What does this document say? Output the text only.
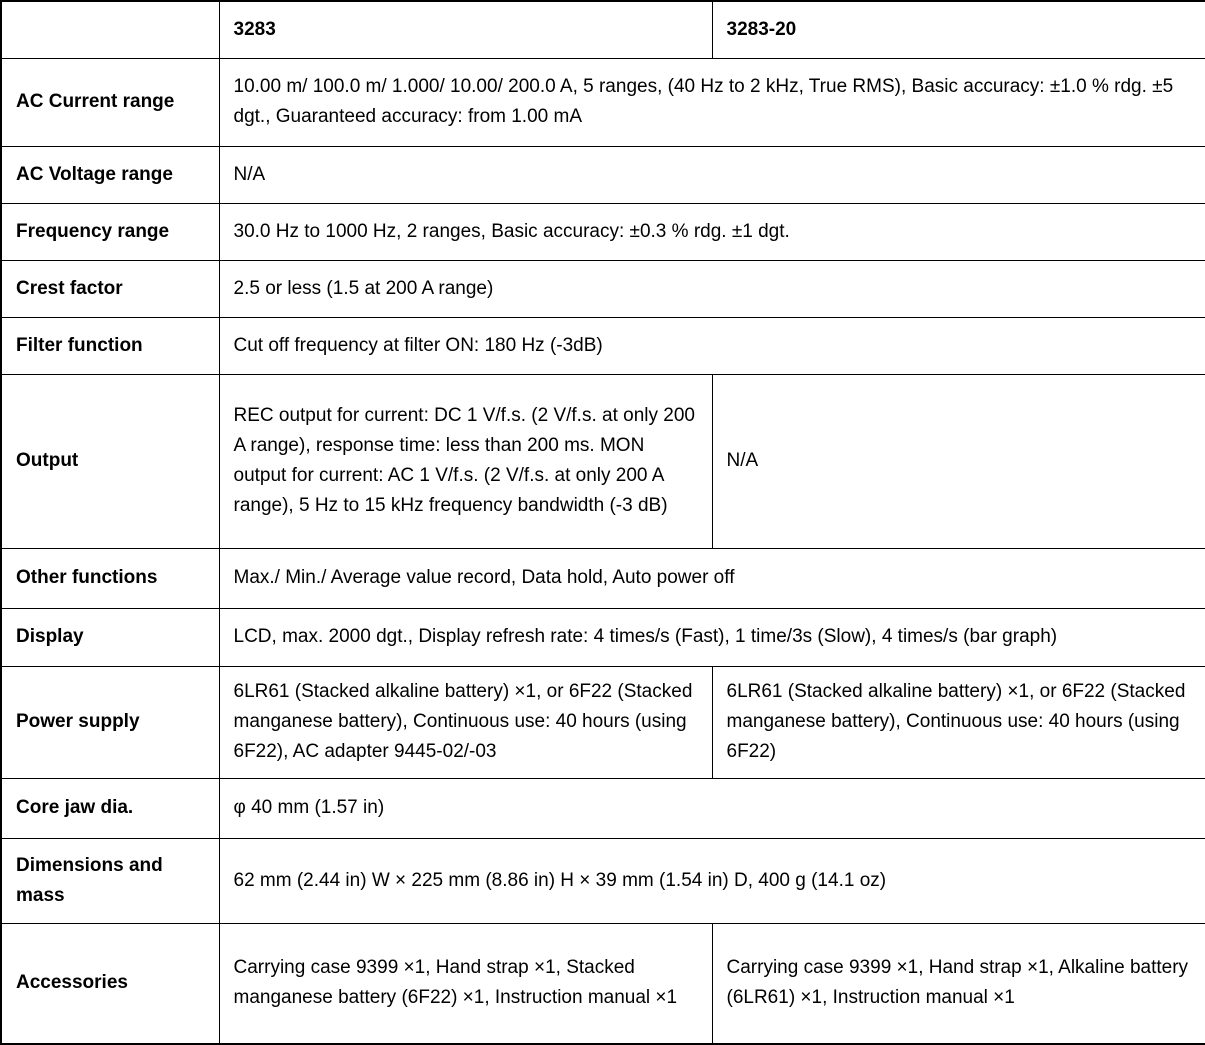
	3283	3283-20
AC Current range	10.00 m/ 100.0 m/ 1.000/ 10.00/ 200.0 A, 5 ranges, (40 Hz to 2 kHz, True RMS), Basic accuracy: ±1.0 % rdg. ±5 dgt., Guaranteed accuracy: from 1.00 mA	
AC Voltage range	N/A	
Frequency range	30.0 Hz to 1000 Hz, 2 ranges, Basic accuracy: ±0.3 % rdg. ±1 dgt.	
Crest factor	2.5 or less (1.5 at 200 A range)	
Filter function	Cut off frequency at filter ON: 180 Hz (-3dB)	
Output	REC output for current: DC 1 V/f.s. (2 V/f.s. at only 200 A range), response time: less than 200 ms. MON output for current: AC 1 V/f.s. (2 V/f.s. at only 200 A range), 5 Hz to 15 kHz frequency bandwidth (-3 dB)	N/A
Other functions	Max./ Min./ Average value record, Data hold, Auto power off	
Display	LCD, max. 2000 dgt., Display refresh rate: 4 times/s (Fast), 1 time/3s (Slow), 4 times/s (bar graph)	
Power supply	6LR61 (Stacked alkaline battery) ×1, or 6F22 (Stacked manganese battery), Continuous use: 40 hours (using 6F22), AC adapter 9445-02/-03	6LR61 (Stacked alkaline battery) ×1, or 6F22 (Stacked manganese battery), Continuous use: 40 hours (using 6F22)
Core jaw dia.	φ 40 mm (1.57 in)	
Dimensions and mass	62 mm (2.44 in) W × 225 mm (8.86 in) H × 39 mm (1.54 in) D, 400 g (14.1 oz)	
Accessories	Carrying case 9399 ×1, Hand strap ×1, Stacked manganese battery (6F22) ×1, Instruction manual ×1	Carrying case 9399 ×1, Hand strap ×1, Alkaline battery (6LR61) ×1, Instruction manual ×1
